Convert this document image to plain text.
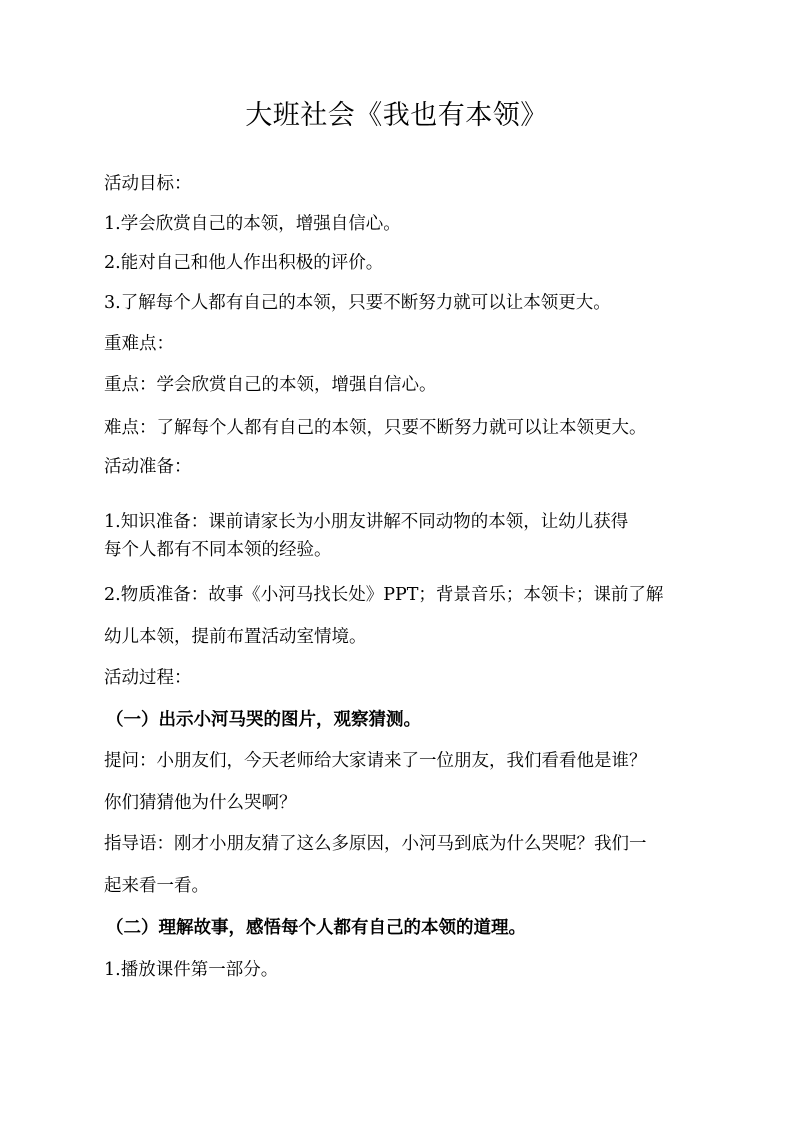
大班社会《我也有本领》
活动目标：
1.学会欣赏自己的本领，增强自信心。
2.能对自己和他人作出积极的评价。
3.了解每个人都有自己的本领，只要不断努力就可以让本领更大。
重难点：
重点：学会欣赏自己的本领，增强自信心。
难点：了解每个人都有自己的本领，只要不断努力就可以让本领更大。
活动准备：
1.知识准备：课前请家长为小朋友讲解不同动物的本领，让幼儿获得
每个人都有不同本领的经验。
2.物质准备：故事《小河马找长处》PPT；背景音乐；本领卡；课前了解
幼儿本领，提前布置活动室情境。
活动过程：
（一）出示小河马哭的图片，观察猜测。
提问：小朋友们，今天老师给大家请来了一位朋友，我们看看他是谁？
你们猜猜他为什么哭啊？
指导语：刚才小朋友猜了这么多原因，小河马到底为什么哭呢？我们一
起来看一看。
（二）理解故事，感悟每个人都有自己的本领的道理。
1.播放课件第一部分。
